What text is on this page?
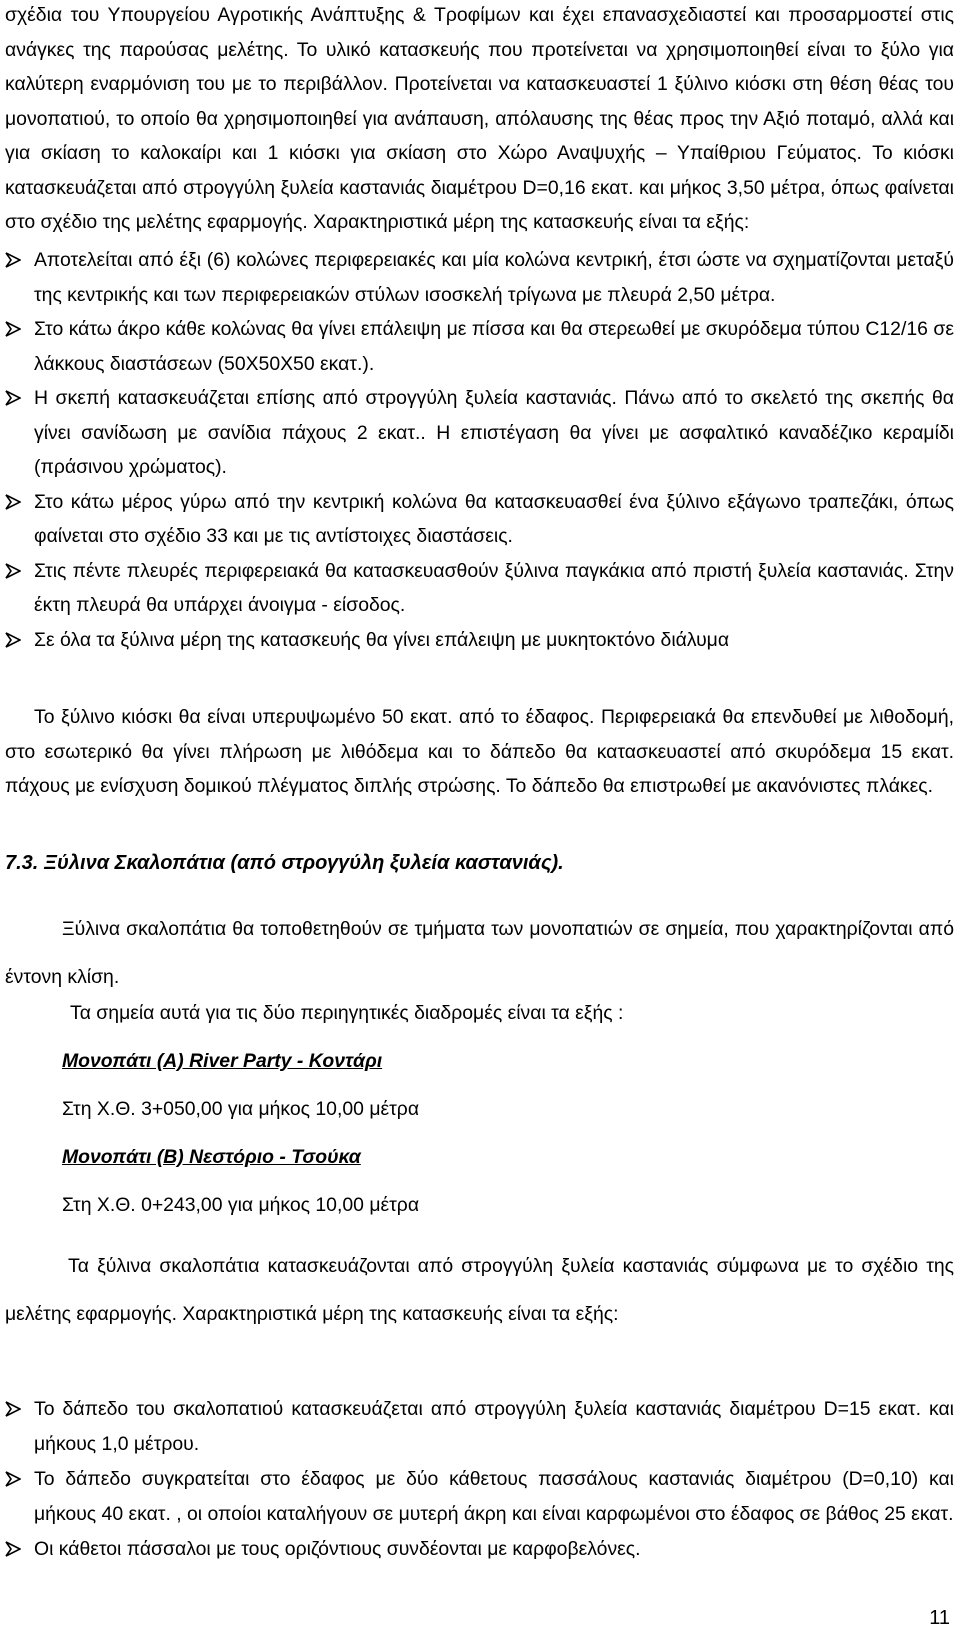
σχέδια του Υπουργείου Αγροτικής Ανάπτυξης & Τροφίμων και έχει επανασχεδιαστεί και προσαρμοστεί στις ανάγκες της παρούσας μελέτης. Το υλικό κατασκευής που προτείνεται να χρησιμοποιηθεί είναι το ξύλο για καλύτερη εναρμόνιση του με το περιβάλλον. Προτείνεται να κατασκευαστεί 1 ξύλινο κιόσκι στη θέση θέας του μονοπατιού, το οποίο θα χρησιμοποιηθεί για ανάπαυση, απόλαυσης της θέας προς την Αξιό ποταμό, αλλά και για σκίαση το καλοκαίρι και 1 κιόσκι για σκίαση στο Χώρο Αναψυχής – Υπαίθριου Γεύματος. Το κιόσκι κατασκευάζεται από στρογγύλη ξυλεία καστανιάς διαμέτρου D=0,16 εκατ. και μήκος 3,50 μέτρα, όπως φαίνεται στο σχέδιο της μελέτης εφαρμογής. Χαρακτηριστικά μέρη της κατασκευής είναι τα εξής:

Αποτελείται από έξι (6) κολώνες περιφερειακές και μία κολώνα κεντρική, έτσι ώστε να σχηματίζονται μεταξύ της κεντρικής και των περιφερειακών στύλων ισοσκελή τρίγωνα με πλευρά 2,50 μέτρα.
Στο κάτω άκρο κάθε κολώνας θα γίνει επάλειψη με πίσσα και θα στερεωθεί με σκυρόδεμα τύπου C12/16 σε λάκκους διαστάσεων (50Χ50Χ50 εκατ.).
Η σκεπή κατασκευάζεται επίσης από στρογγύλη ξυλεία καστανιάς. Πάνω από το σκελετό της σκεπής θα γίνει σανίδωση με σανίδια πάχους 2 εκατ.. Η επιστέγαση θα γίνει με ασφαλτικό καναδέζικο κεραμίδι (πράσινου χρώματος).
Στο κάτω μέρος γύρω από την κεντρική κολώνα θα κατασκευασθεί ένα ξύλινο εξάγωνο τραπεζάκι, όπως φαίνεται στο σχέδιο 33 και με τις αντίστοιχες διαστάσεις.
Στις πέντε πλευρές περιφερειακά θα κατασκευασθούν ξύλινα παγκάκια από πριστή ξυλεία καστανιάς. Στην έκτη πλευρά θα υπάρχει άνοιγμα - είσοδος.
Σε όλα τα ξύλινα μέρη της κατασκευής θα γίνει επάλειψη με μυκητοκτόνο διάλυμα

Το ξύλινο κιόσκι θα είναι υπερυψωμένο 50 εκατ. από το έδαφος. Περιφερειακά θα επενδυθεί με λιθοδομή, στο εσωτερικό θα γίνει πλήρωση με λιθόδεμα και το δάπεδο θα κατασκευαστεί από σκυρόδεμα 15 εκατ. πάχους με ενίσχυση δομικού πλέγματος διπλής στρώσης. Το δάπεδο θα επιστρωθεί με ακανόνιστες πλάκες.

7.3. Ξύλινα Σκαλοπάτια (από στρογγύλη ξυλεία καστανιάς).

Ξύλινα σκαλοπάτια θα τοποθετηθούν σε τμήματα των μονοπατιών σε σημεία, που χαρακτηρίζονται από έντονη κλίση.

Τα σημεία αυτά για τις δύο περιηγητικές διαδρομές είναι τα εξής :

Μονοπάτι (Α) River Party - Κοντάρι

Στη Χ.Θ. 3+050,00 για μήκος 10,00 μέτρα

Μονοπάτι (Β) Νεστόριο - Τσούκα

Στη Χ.Θ. 0+243,00 για μήκος 10,00 μέτρα

Τα ξύλινα σκαλοπάτια κατασκευάζονται από στρογγύλη ξυλεία καστανιάς σύμφωνα με το σχέδιο της μελέτης εφαρμογής. Χαρακτηριστικά μέρη της κατασκευής είναι τα εξής:

Το δάπεδο του σκαλοπατιού κατασκευάζεται από στρογγύλη ξυλεία καστανιάς διαμέτρου D=15 εκατ. και μήκους 1,0 μέτρου.
Το δάπεδο συγκρατείται στο έδαφος με δύο κάθετους πασσάλους καστανιάς διαμέτρου (D=0,10) και μήκους 40 εκατ. , οι οποίοι καταλήγουν σε μυτερή άκρη και είναι καρφωμένοι στο έδαφος σε βάθος 25 εκατ.
Οι κάθετοι πάσσαλοι με τους οριζόντιους συνδέονται με καρφοβελόνες.
11
